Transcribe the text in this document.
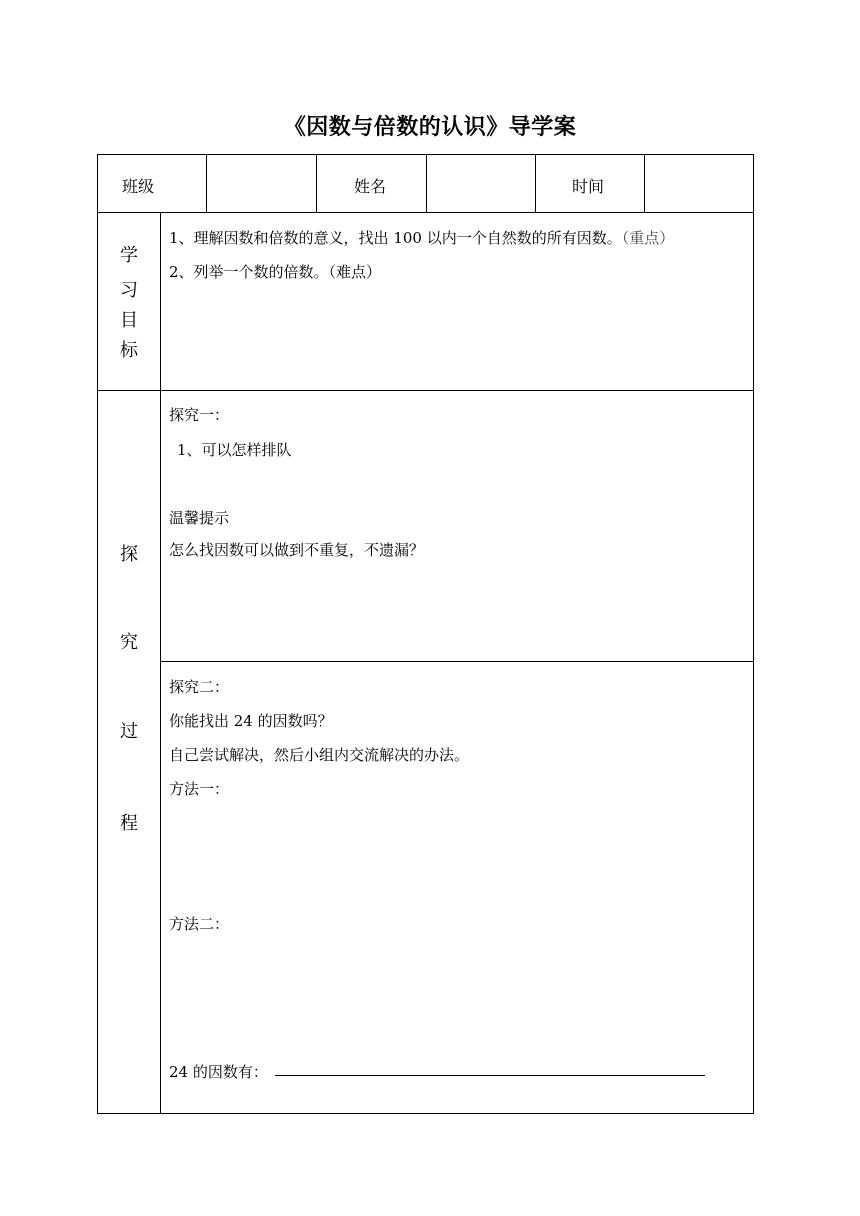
《因数与倍数的认识》导学案
班级	姓名	时间
学
习
目
标
1、理解因数和倍数的意义，找出 100 以内一个自然数的所有因数。（重点）
2、列举一个数的倍数。（难点）
探
究
过
程
探究一：
1、可以怎样排队
温馨提示
怎么找因数可以做到不重复，不遗漏？
探究二：
你能找出 24 的因数吗？
自己尝试解决，然后小组内交流解决的办法。
方法一：
方法二：
24 的因数有：
